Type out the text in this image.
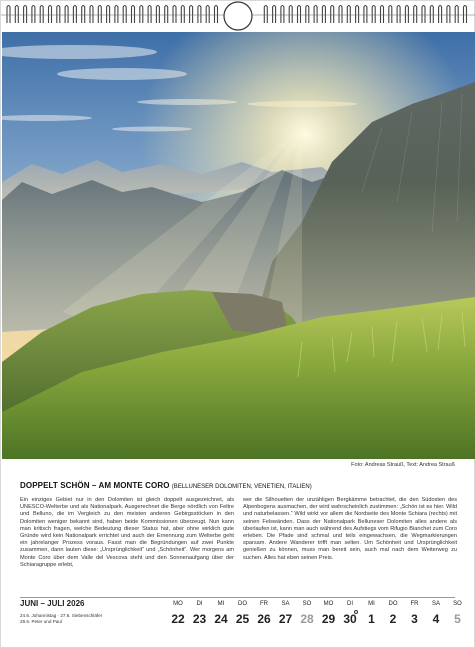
Foto: Andreas Strauß, Text: Andrea Strauß
DOPPELT SCHÖN – AM MONTE CORO (BELLUNESER DOLOMITEN, VENETIEN, ITALIEN)
Ein einziges Gebiet nur in den Dolomiten ist gleich doppelt ausgezeichnet, als UNESCO-Welterbe und als Nationalpark. Ausgerechnet die Berge nördlich von Feltre und Belluno, die im Vergleich zu den meisten anderen Gebirgsstöcken in den Dolomiten weniger bekannt sind, haben beide Kommissionen überzeugt. Nun kann man kritisch fragen, welche Bedeutung dieser Status hat, aber ohne wirklich gute Gründe wird kein Nationalpark errichtet und auch der Ernennung zum Welterbe geht ein jahrelanger Prozess voraus. Fasst man die Begründungen auf zwei Punkte zusammen, dann lauten diese: „Ursprünglichkeit“ und „Schönheit“. Wer morgens am Monte Coro über dem Valle del Vescova steht und den Sonnenaufgang über der Schiaragruppe erlebt,
wer die Silhouetten der unzähligen Bergkämme betrachtet, die den Südosten des Alpenbogens ausmachen, der wird wahrscheinlich zustimmen: „Schön ist es hier. Wild und naturbelassen.“ Wild wirkt vor allem die Nordseite des Monte Schiara (rechts) mit seinen Felswänden. Dass der Nationalpark Belluneser Dolomiten alles andere als überlaufen ist, kann man auch während des Aufstiegs vom Rifugio Bianchet zum Coro erleben. Die Pfade sind schmal und teils eingewachsen, die Wegmarkierungen sparsam. Andere Wanderer trifft man selten. Um Schönheit und Ursprünglichkeit genießen zu können, muss man bereit sein, auch mal nach dem Weiterweg zu suchen. Alles hat eben seinen Preis.
JUNI – JULI 2026
24.6. Johannistag · 27.6. Siebenschläfer
29.6. Peter und Paul
MO
22
DI
23
MI
24
DO
25
FR
26
SA
27
SO
28
MO
29
DI
30
MI
1
DO
2
FR
3
SA
4
SO
5
